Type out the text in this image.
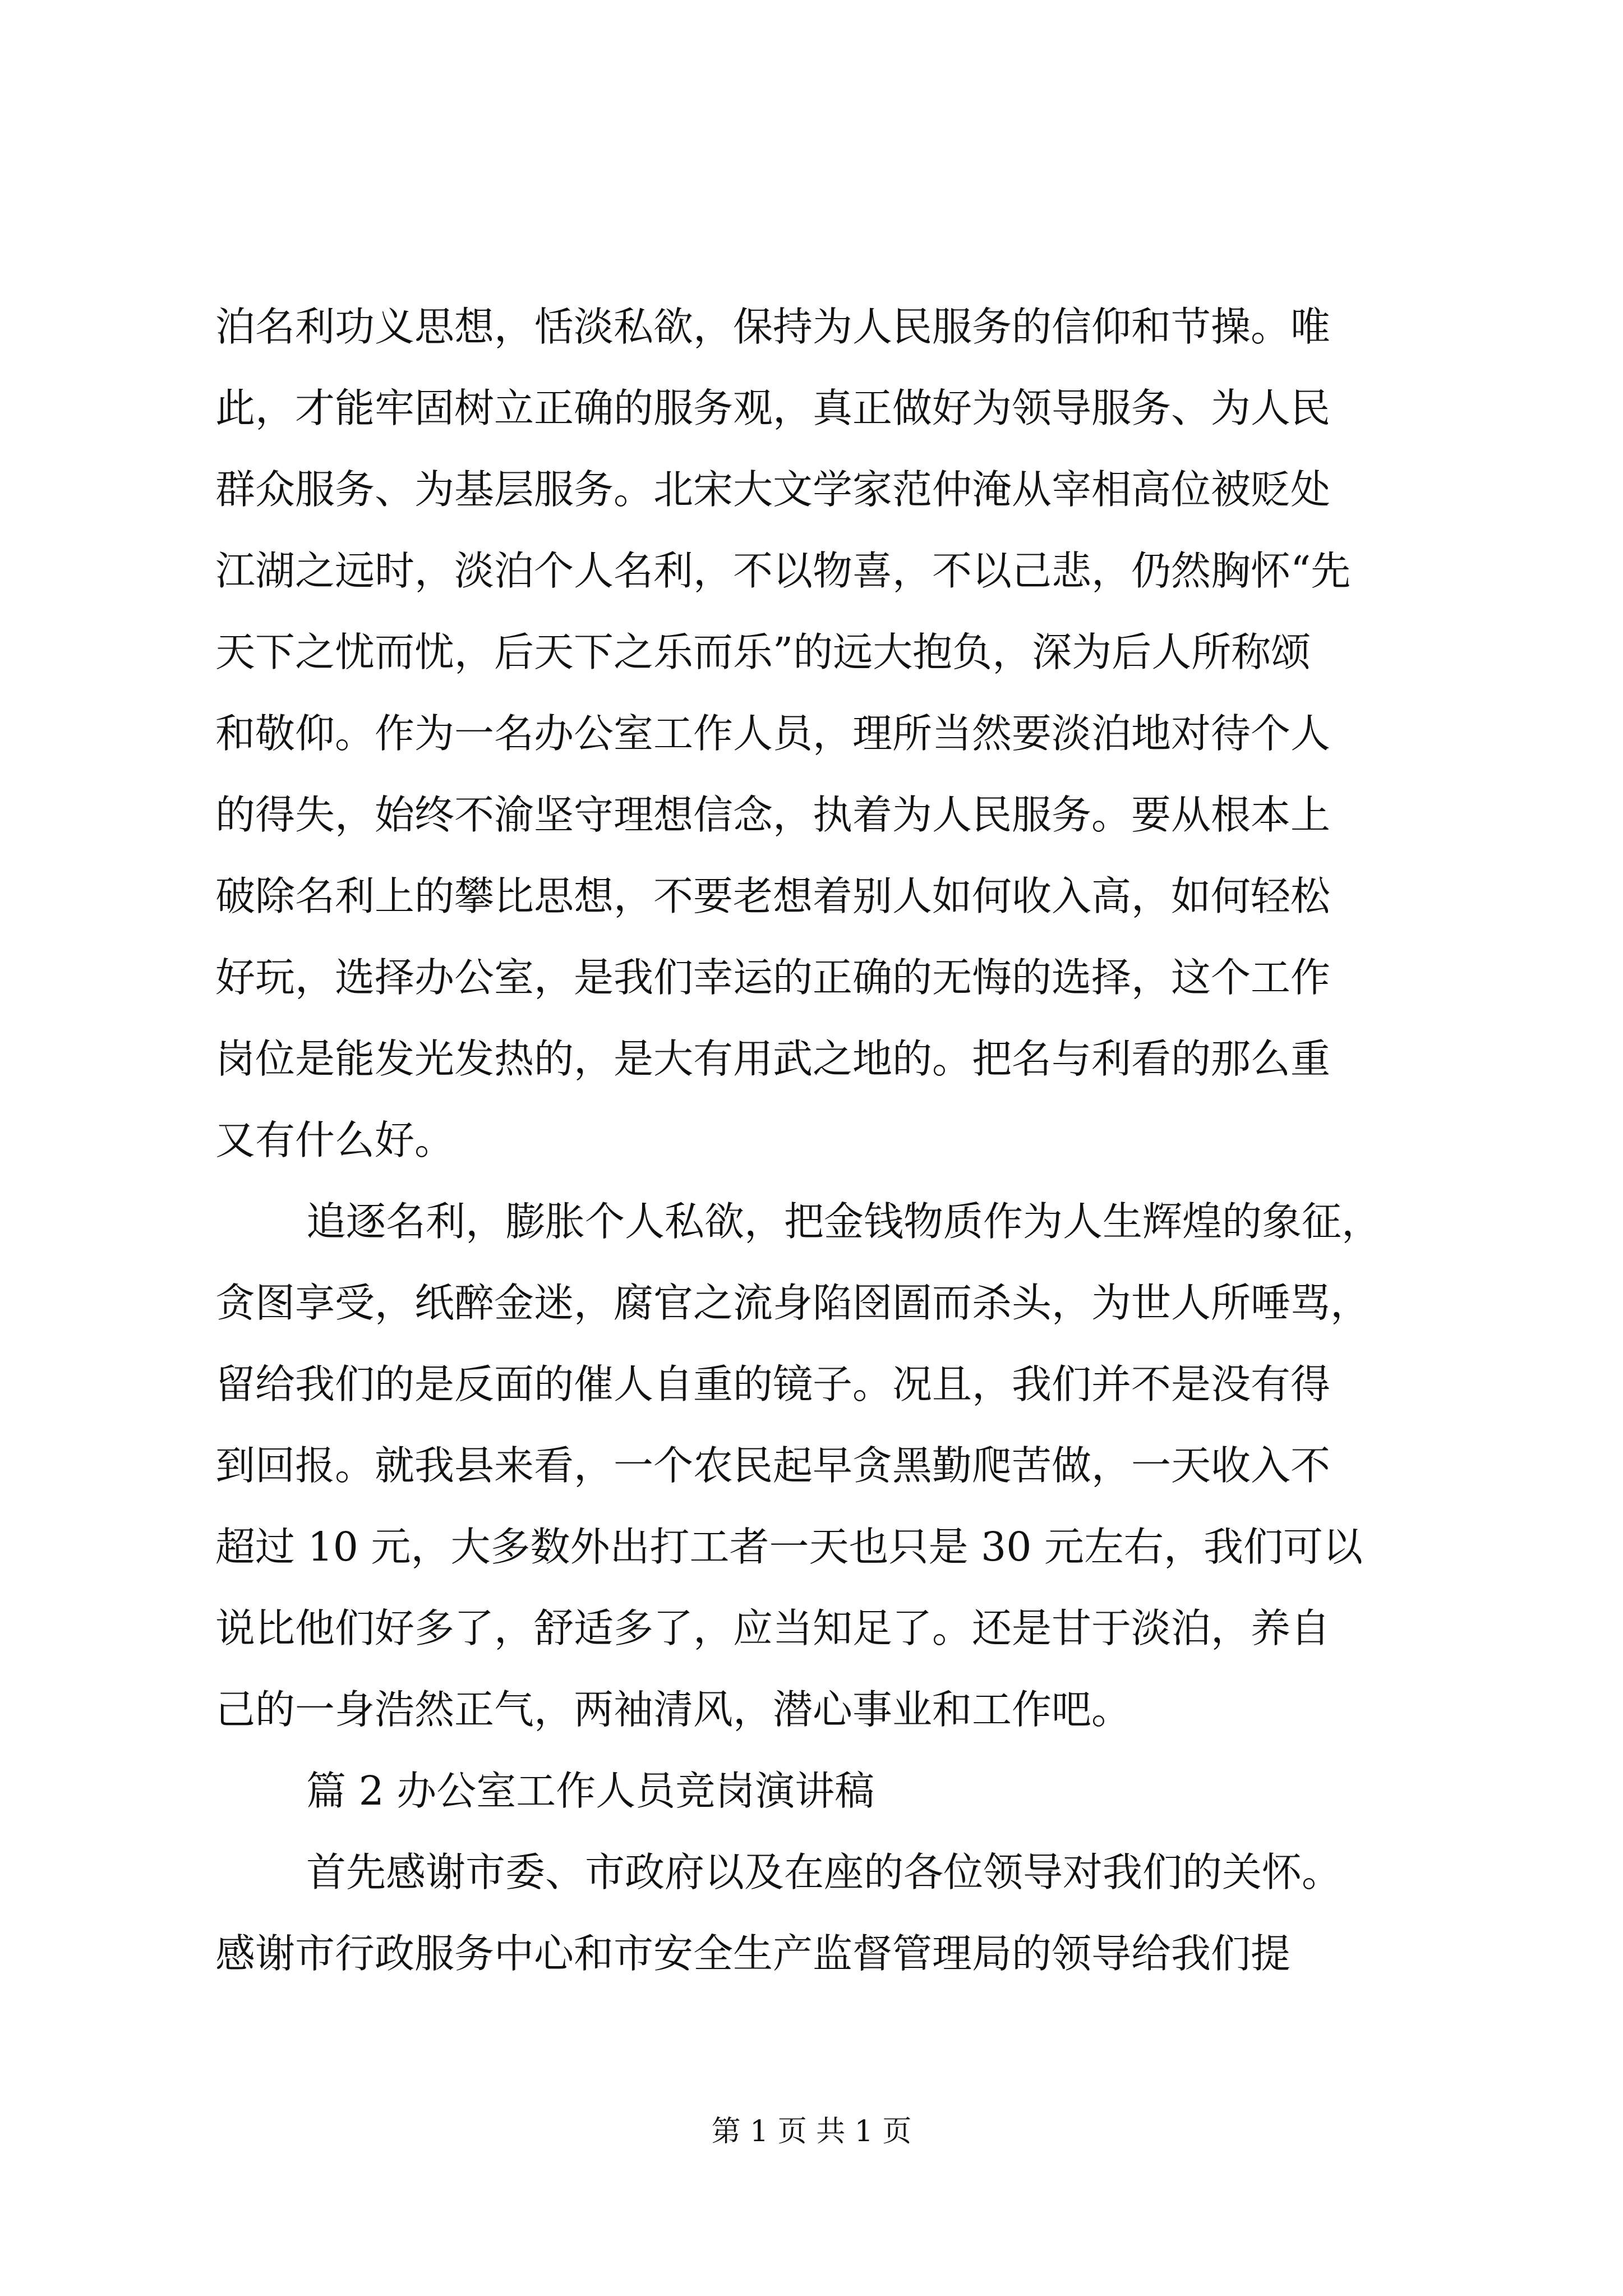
泊名利功义思想，恬淡私欲，保持为人民服务的信仰和节操。唯
此，才能牢固树立正确的服务观，真正做好为领导服务、为人民
群众服务、为基层服务。北宋大文学家范仲淹从宰相高位被贬处
江湖之远时，淡泊个人名利，不以物喜，不以己悲，仍然胸怀“先
天下之忧而忧，后天下之乐而乐”的远大抱负，深为后人所称颂
和敬仰。作为一名办公室工作人员，理所当然要淡泊地对待个人
的得失，始终不渝坚守理想信念，执着为人民服务。要从根本上
破除名利上的攀比思想，不要老想着别人如何收入高，如何轻松
好玩，选择办公室，是我们幸运的正确的无悔的选择，这个工作
岗位是能发光发热的，是大有用武之地的。把名与利看的那么重
又有什么好。
追逐名利，膨胀个人私欲，把金钱物质作为人生辉煌的象征，
贪图享受，纸醉金迷，腐官之流身陷囹圄而杀头，为世人所唾骂，
留给我们的是反面的催人自重的镜子。况且，我们并不是没有得
到回报。就我县来看，一个农民起早贪黑勤爬苦做，一天收入不
超过 10 元，大多数外出打工者一天也只是 30 元左右，我们可以
说比他们好多了，舒适多了，应当知足了。还是甘于淡泊，养自
己的一身浩然正气，两袖清风，潜心事业和工作吧。
篇 2 办公室工作人员竞岗演讲稿
首先感谢市委、市政府以及在座的各位领导对我们的关怀。
感谢市行政服务中心和市安全生产监督管理局的领导给我们提
第 1 页 共 1 页
